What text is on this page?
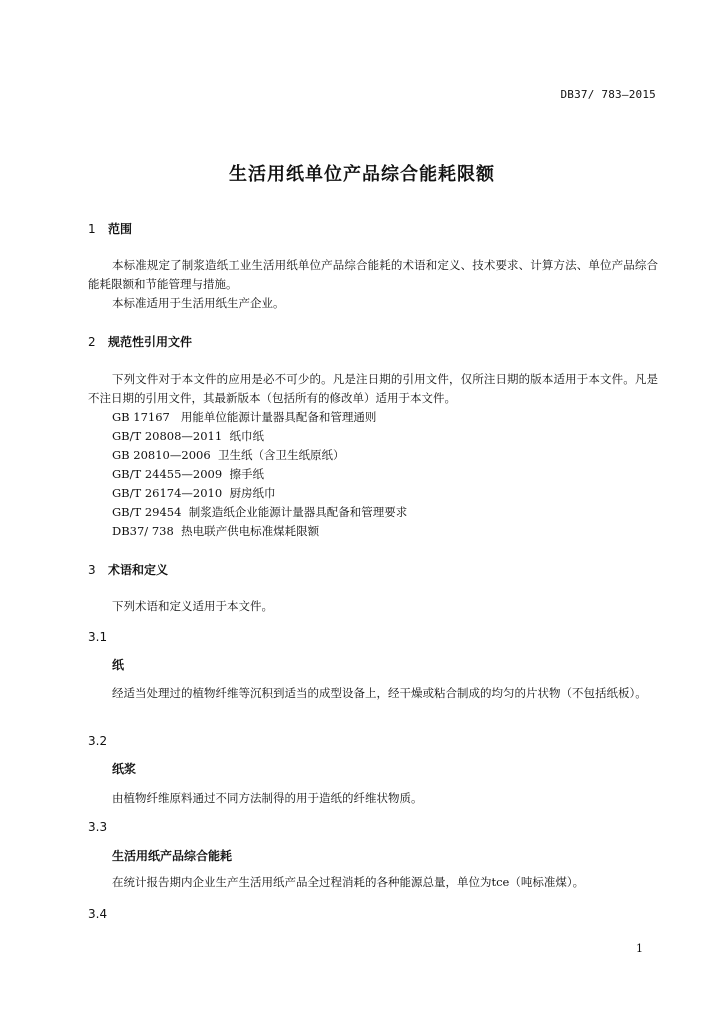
DB37/ 783—2015
生活用纸单位产品综合能耗限额
1 范围

本标准规定了制浆造纸工业生活用纸单位产品综合能耗的术语和定义、技术要求、计算方法、单位产品综合能耗限额和节能管理与措施。

本标准适用于生活用纸生产企业。

2 规范性引用文件

下列文件对于本文件的应用是必不可少的。凡是注日期的引用文件，仅所注日期的版本适用于本文件。凡是不注日期的引用文件，其最新版本（包括所有的修改单）适用于本文件。

GB 17167   用能单位能源计量器具配备和管理通则
GB/T 20808—2011  纸巾纸
GB 20810—2006  卫生纸（含卫生纸原纸）
GB/T 24455—2009  擦手纸
GB/T 26174—2010  厨房纸巾
GB/T 29454  制浆造纸企业能源计量器具配备和管理要求
DB37/ 738  热电联产供电标准煤耗限额
3 术语和定义

下列术语和定义适用于本文件。

3.1
纸

经适当处理过的植物纤维等沉积到适当的成型设备上，经干燥或粘合制成的均匀的片状物（不包括纸板）。

3.2
纸浆

由植物纤维原料通过不同方法制得的用于造纸的纤维状物质。

3.3
生活用纸产品综合能耗

在统计报告期内企业生产生活用纸产品全过程消耗的各种能源总量，单位为tce（吨标准煤）。

3.4
1
